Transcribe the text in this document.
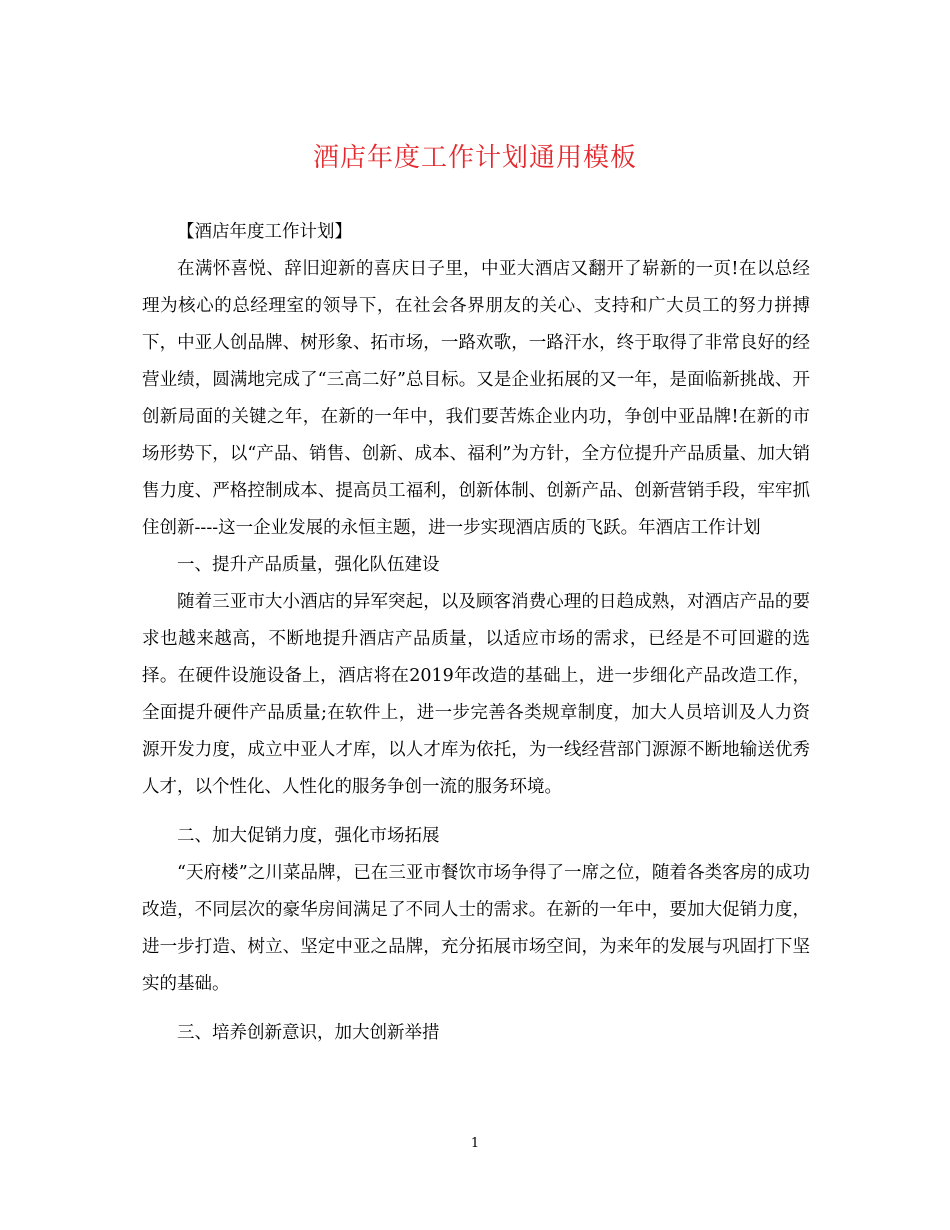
酒店年度工作计划通用模板

【酒店年度工作计划】

在满怀喜悦、辞旧迎新的喜庆日子里，中亚大酒店又翻开了崭新的一页!在以总经理为核心的总经理室的领导下，在社会各界朋友的关心、支持和广大员工的努力拼搏下，中亚人创品牌、树形象、拓市场，一路欢歌，一路汗水，终于取得了非常良好的经营业绩，圆满地完成了“三高二好”总目标。又是企业拓展的又一年，是面临新挑战、开创新局面的关键之年，在新的一年中，我们要苦炼企业内功，争创中亚品牌!在新的市场形势下，以“产品、销售、创新、成本、福利”为方针，全方位提升产品质量、加大销售力度、严格控制成本、提高员工福利，创新体制、创新产品、创新营销手段，牢牢抓住创新----这一企业发展的永恒主题，进一步实现酒店质的飞跃。年酒店工作计划

一、提升产品质量，强化队伍建设

随着三亚市大小酒店的异军突起，以及顾客消费心理的日趋成熟，对酒店产品的要求也越来越高，不断地提升酒店产品质量，以适应市场的需求，已经是不可回避的选择。在硬件设施设备上，酒店将在2019年改造的基础上，进一步细化产品改造工作，全面提升硬件产品质量;在软件上，进一步完善各类规章制度，加大人员培训及人力资源开发力度，成立中亚人才库，以人才库为依托，为一线经营部门源源不断地输送优秀人才，以个性化、人性化的服务争创一流的服务环境。

二、加大促销力度，强化市场拓展

“天府楼”之川菜品牌，已在三亚市餐饮市场争得了一席之位，随着各类客房的成功改造，不同层次的豪华房间满足了不同人士的需求。在新的一年中，要加大促销力度，进一步打造、树立、坚定中亚之品牌，充分拓展市场空间，为来年的发展与巩固打下坚实的基础。

三、培养创新意识，加大创新举措

1
